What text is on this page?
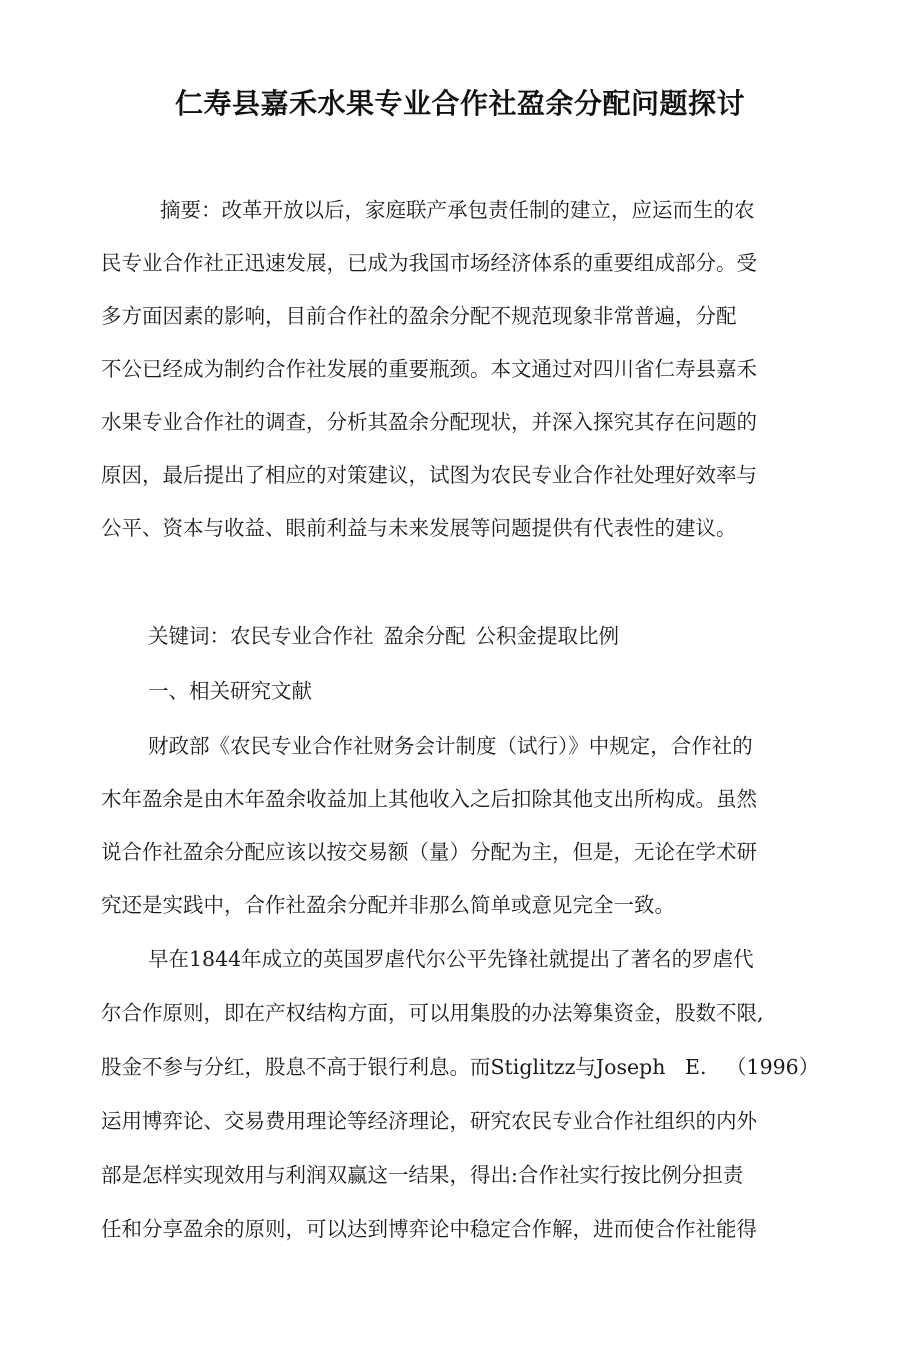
仁寿县嘉禾水果专业合作社盈余分配问题探讨

摘要：改革开放以后，家庭联产承包责任制的建立，应运而生的农

民专业合作社正迅速发展，已成为我国市场经济体系的重要组成部分。受

多方面因素的影响，目前合作社的盈余分配不规范现象非常普遍，分配

不公已经成为制约合作社发展的重要瓶颈。本文通过对四川省仁寿县嘉禾

水果专业合作社的调查，分析其盈余分配现状，并深入探究其存在问题的

原因，最后提出了相应的对策建议，试图为农民专业合作社处理好效率与

公平、资本与收益、眼前利益与未来发展等问题提供有代表性的建议。

关键词：农民专业合作社 盈余分配 公积金提取比例

一、相关研究文献

财政部《农民专业合作社财务会计制度（试行）》中规定，合作社的

木年盈余是由木年盈余收益加上其他收入之后扣除其他支出所构成。虽然

说合作社盈余分配应该以按交易额（量）分配为主，但是，无论在学术研

究还是实践中，合作社盈余分配并非那么简单或意见完全一致。

早在1844年成立的英国罗虐代尔公平先锋社就提出了著名的罗虐代

尔合作原则，即在产权结构方面，可以用集股的办法筹集资金，股数不限,

股金不参与分红，股息不高于银行利息。而Stiglitzz与Joseph   E.   （1996）

运用博弈论、交易费用理论等经济理论，研究农民专业合作社组织的内外

部是怎样实现效用与利润双赢这一结果，得出:合作社实行按比例分担责

任和分享盈余的原则，可以达到博弈论中稳定合作解，进而使合作社能得
